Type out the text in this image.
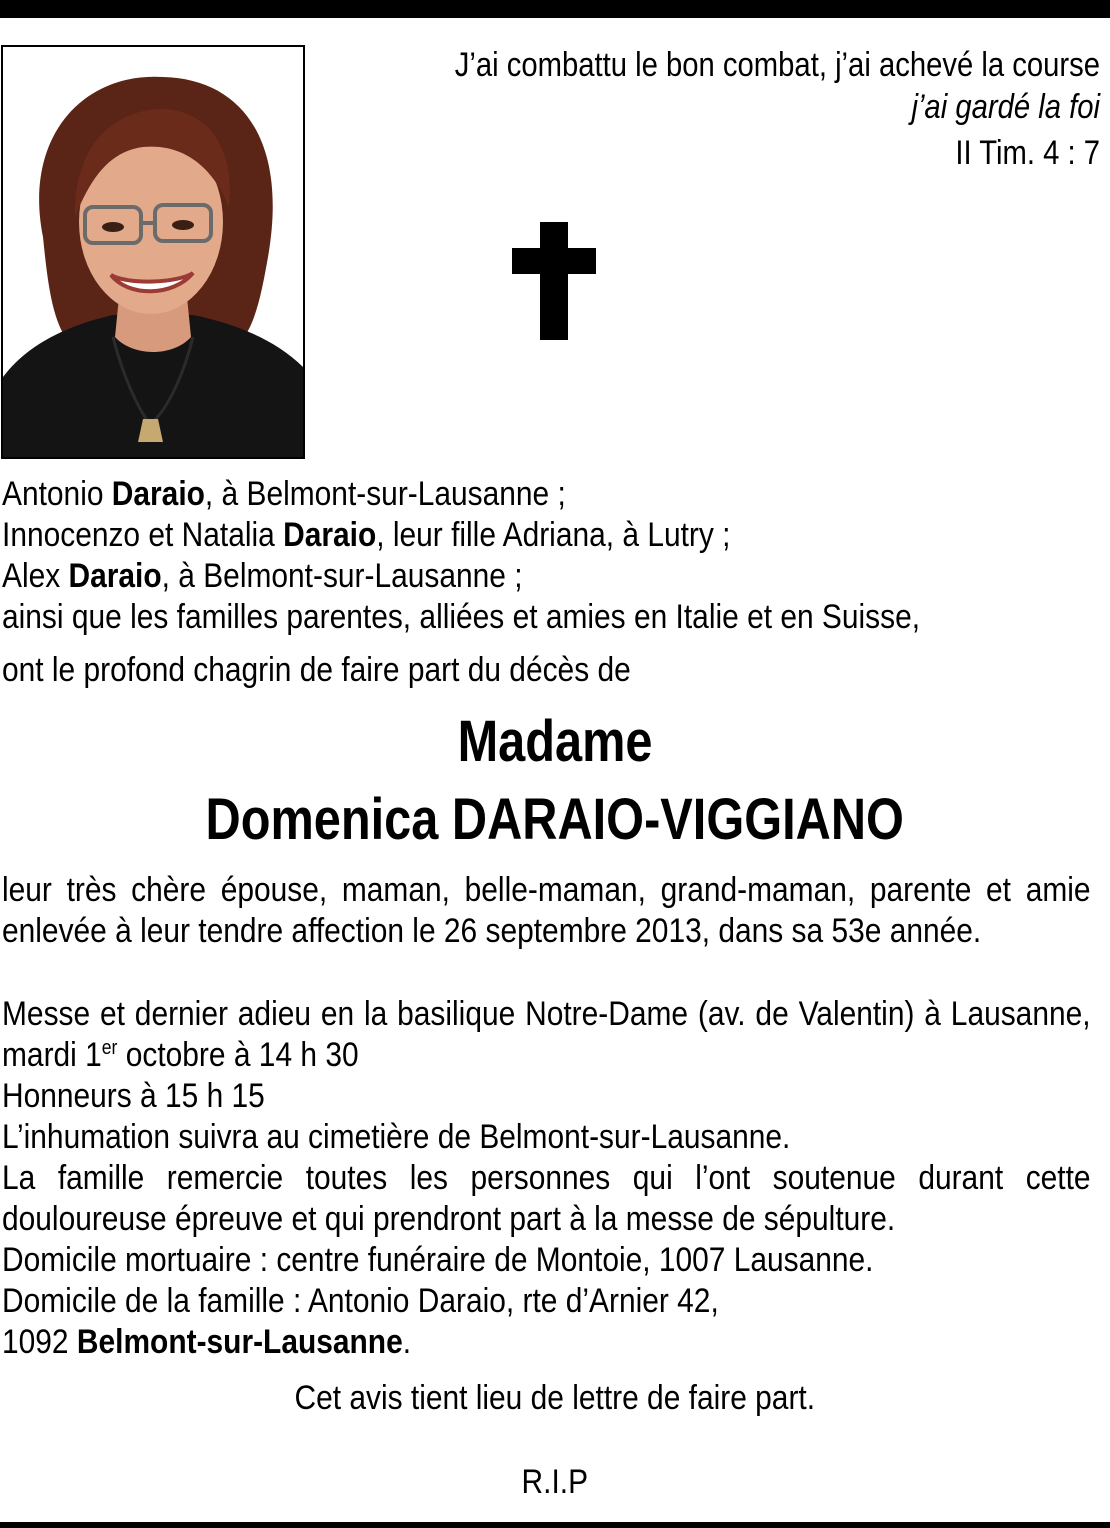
J’ai combattu le bon combat, j’ai achevé la course
j’ai gardé la foi
II Tim. 4 : 7
Antonio Daraio, à Belmont-sur-Lausanne ;
Innocenzo et Natalia Daraio, leur fille Adriana, à Lutry ;
Alex Daraio, à Belmont-sur-Lausanne ;
ainsi que les familles parentes, alliées et amies en Italie et en Suisse,
ont le profond chagrin de faire part du décès de
Madame
Domenica DARAIO-VIGGIANO
leur très chère épouse, maman, belle-maman, grand-maman, parente et amie enlevée à leur tendre affection le 26 septembre 2013, dans sa 53e année.
Messe et dernier adieu en la basilique Notre-Dame (av. de Valentin) à Lausanne, mardi 1er octobre à 14 h 30
Honneurs à 15 h 15
L’inhumation suivra au cimetière de Belmont-sur-Lausanne.
La famille remercie toutes les personnes qui l’ont soutenue durant cette douloureuse épreuve et qui prendront part à la messe de sépulture.
Domicile mortuaire : centre funéraire de Montoie, 1007 Lausanne.
Domicile de la famille : Antonio Daraio, rte d’Arnier 42,
1092 Belmont-sur-Lausanne.
Cet avis tient lieu de lettre de faire part.
R.I.P
